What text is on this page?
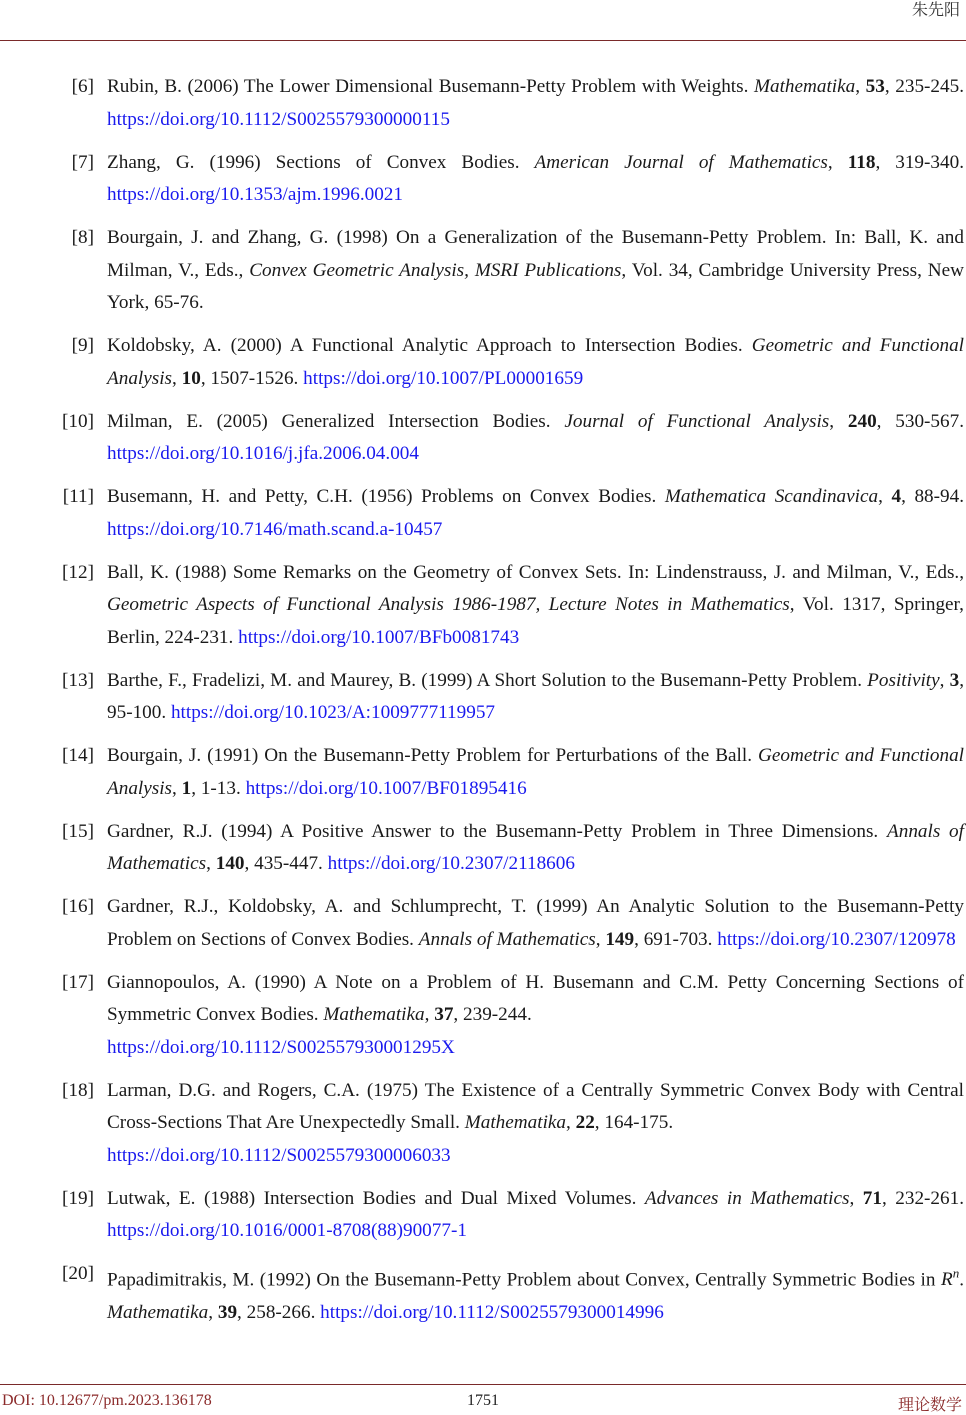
朱先阳
[6] Rubin, B. (2006) The Lower Dimensional Busemann-Petty Problem with Weights. Mathematika, 53, 235-245. https://doi.org/10.1112/S0025579300000115
[7] Zhang, G. (1996) Sections of Convex Bodies. American Journal of Mathematics, 118, 319-340. https://doi.org/10.1353/ajm.1996.0021
[8] Bourgain, J. and Zhang, G. (1998) On a Generalization of the Busemann-Petty Problem. In: Ball, K. and Milman, V., Eds., Convex Geometric Analysis, MSRI Publications, Vol. 34, Cambridge University Press, New York, 65-76.
[9] Koldobsky, A. (2000) A Functional Analytic Approach to Intersection Bodies. Geometric and Functional Analysis, 10, 1507-1526. https://doi.org/10.1007/PL00001659
[10] Milman, E. (2005) Generalized Intersection Bodies. Journal of Functional Analysis, 240, 530-567. https://doi.org/10.1016/j.jfa.2006.04.004
[11] Busemann, H. and Petty, C.H. (1956) Problems on Convex Bodies. Mathematica Scandinavica, 4, 88-94. https://doi.org/10.7146/math.scand.a-10457
[12] Ball, K. (1988) Some Remarks on the Geometry of Convex Sets. In: Lindenstrauss, J. and Milman, V., Eds., Geometric Aspects of Functional Analysis 1986-1987, Lecture Notes in Mathematics, Vol. 1317, Springer, Berlin, 224-231. https://doi.org/10.1007/BFb0081743
[13] Barthe, F., Fradelizi, M. and Maurey, B. (1999) A Short Solution to the Busemann-Petty Problem. Positivity, 3, 95-100. https://doi.org/10.1023/A:1009777119957
[14] Bourgain, J. (1991) On the Busemann-Petty Problem for Perturbations of the Ball. Geometric and Functional Analysis, 1, 1-13. https://doi.org/10.1007/BF01895416
[15] Gardner, R.J. (1994) A Positive Answer to the Busemann-Petty Problem in Three Dimensions. Annals of Mathematics, 140, 435-447. https://doi.org/10.2307/2118606
[16] Gardner, R.J., Koldobsky, A. and Schlumprecht, T. (1999) An Analytic Solution to the Busemann-Petty Problem on Sections of Convex Bodies. Annals of Mathematics, 149, 691-703. https://doi.org/10.2307/120978
[17] Giannopoulos, A. (1990) A Note on a Problem of H. Busemann and C.M. Petty Concerning Sections of Symmetric Convex Bodies. Mathematika, 37, 239-244.
https://doi.org/10.1112/S002557930001295X
[18] Larman, D.G. and Rogers, C.A. (1975) The Existence of a Centrally Symmetric Convex Body with Central Cross-Sections That Are Unexpectedly Small. Mathematika, 22, 164-175.
https://doi.org/10.1112/S0025579300006033
[19] Lutwak, E. (1988) Intersection Bodies and Dual Mixed Volumes. Advances in Mathematics, 71, 232-261. https://doi.org/10.1016/0001-8708(88)90077-1
[20] Papadimitrakis, M. (1992) On the Busemann-Petty Problem about Convex, Centrally Symmetric Bodies in $R^n$. Mathematika, 39, 258-266. https://doi.org/10.1112/S0025579300014996
DOI: 10.12677/pm.2023.136178	1751	理论数学
